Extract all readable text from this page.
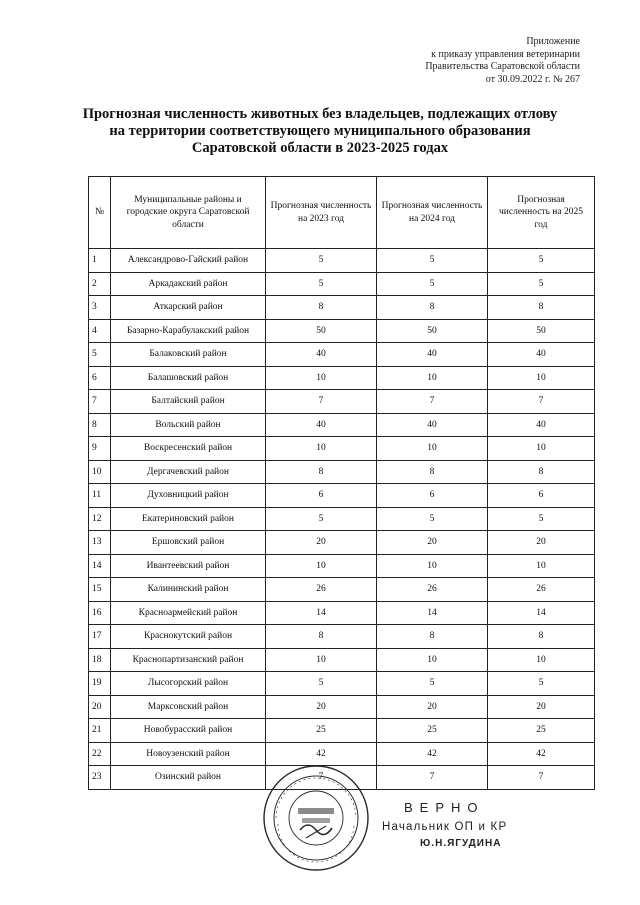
Приложение
к приказу управления ветеринарии
Правительства Саратовской области
от 30.09.2022 г. № 267
Прогнозная численность животных без владельцев, подлежащих отлову
на территории соответствующего муниципального образования
Саратовской области в 2023-2025 годах
№	Муниципальные районы и городские округа Саратовской области	Прогнозная численность на 2023 год	Прогнозная численность на 2024 год	Прогнозная численность на 2025 год
1	Александрово-Гайский район	5	5	5
2	Аркадакский район	5	5	5
3	Аткарский район	8	8	8
4	Базарно-Карабулакский район	50	50	50
5	Балаковский район	40	40	40
6	Балашовский район	10	10	10
7	Балтайский район	7	7	7
8	Вольский район	40	40	40
9	Воскресенский район	10	10	10
10	Дергачевский район	8	8	8
11	Духовницкий район	6	6	6
12	Екатериновский район	5	5	5
13	Ершовский район	20	20	20
14	Ивантеевский район	10	10	10
15	Калининский район	26	26	26
16	Красноармейский район	14	14	14
17	Краснокутский район	8	8	8
18	Краснопартизанский район	10	10	10
19	Лысогорский район	5	5	5
20	Марксовский район	20	20	20
21	Новобурасский район	25	25	25
22	Новоузенский район	42	42	42
23	Озинский район	7	7	7
ВЕРНО
Начальник ОП и КР
Ю.Н.ЯГУДИНА
